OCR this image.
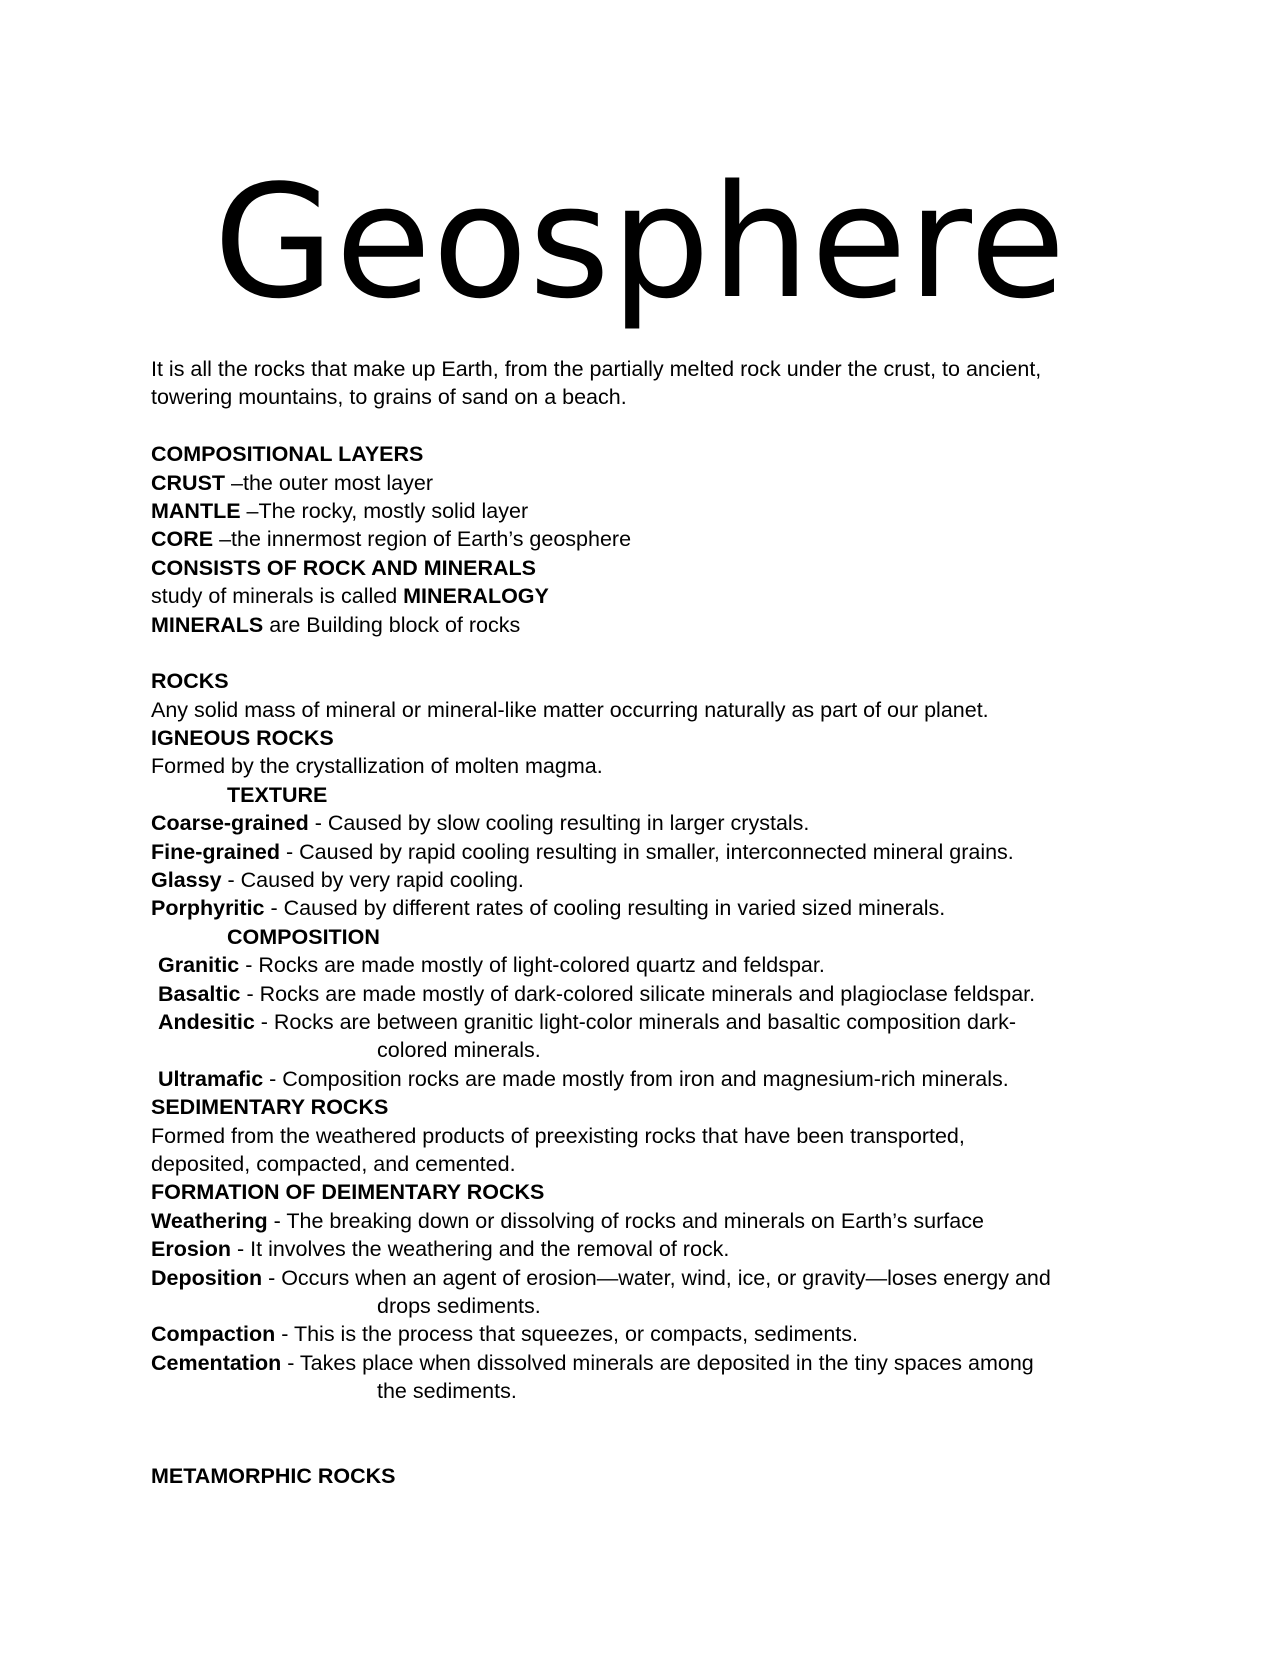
Geosphere
It is all the rocks that make up Earth, from the partially melted rock under the crust, to ancient,
towering mountains, to grains of sand on a beach.
COMPOSITIONAL LAYERS
CRUST –the outer most layer
MANTLE –The rocky, mostly solid layer
CORE –the innermost region of Earth’s geosphere
CONSISTS OF ROCK AND MINERALS
study of minerals is called MINERALOGY
MINERALS are Building block of rocks
ROCKS
Any solid mass of mineral or mineral-like matter occurring naturally as part of our planet.
IGNEOUS ROCKS
Formed by the crystallization of molten magma.
TEXTURE
Coarse-grained - Caused by slow cooling resulting in larger crystals.
Fine-grained - Caused by rapid cooling resulting in smaller, interconnected mineral grains.
Glassy - Caused by very rapid cooling.
Porphyritic - Caused by different rates of cooling resulting in varied sized minerals.
COMPOSITION
Granitic - Rocks are made mostly of light-colored quartz and feldspar.
Basaltic - Rocks are made mostly of dark-colored silicate minerals and plagioclase feldspar.
Andesitic - Rocks are between granitic light-color minerals and basaltic composition dark-
colored minerals.
Ultramafic - Composition rocks are made mostly from iron and magnesium-rich minerals.
SEDIMENTARY ROCKS
Formed from the weathered products of preexisting rocks that have been transported,
deposited, compacted, and cemented.
FORMATION OF DEIMENTARY ROCKS
Weathering - The breaking down or dissolving of rocks and minerals on Earth’s surface
Erosion - It involves the weathering and the removal of rock.
Deposition - Occurs when an agent of erosion—water, wind, ice, or gravity—loses energy and
drops sediments.
Compaction - This is the process that squeezes, or compacts, sediments.
Cementation - Takes place when dissolved minerals are deposited in the tiny spaces among
the sediments.
METAMORPHIC ROCKS
